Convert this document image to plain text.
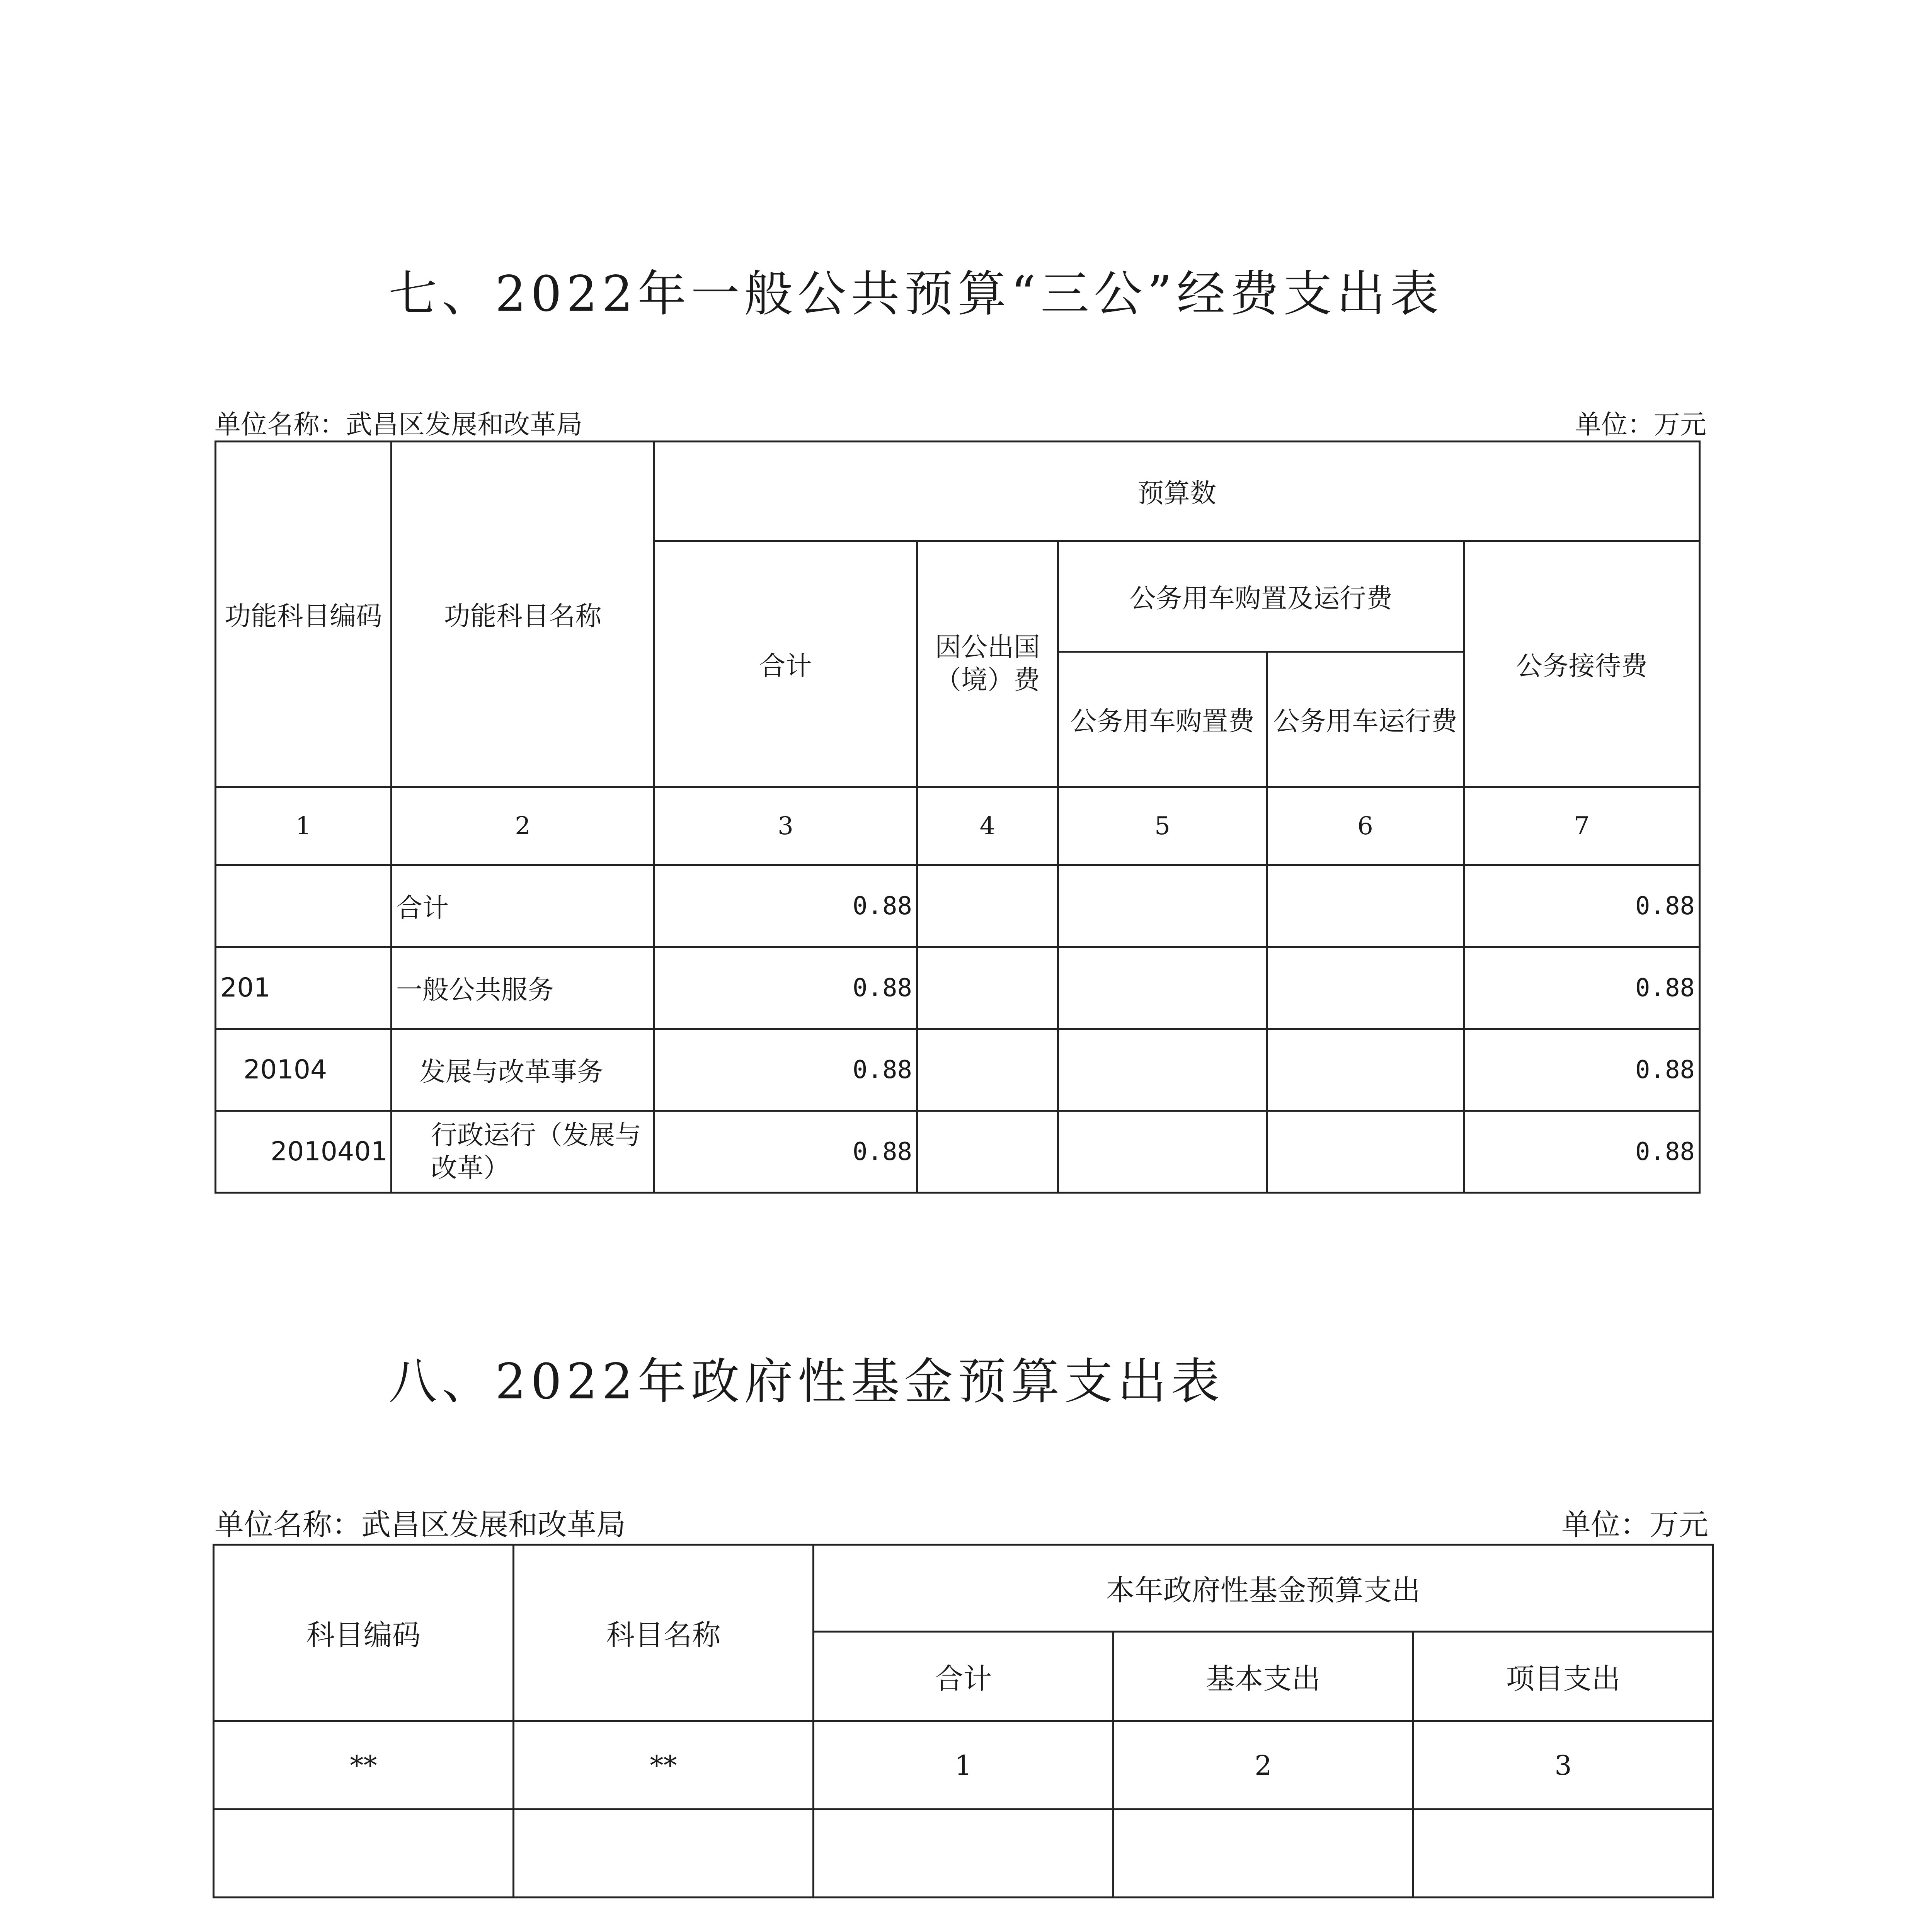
七、2022年一般公共预算“三公”经费支出表
单位名称：武昌区发展和改革局	单位：万元
功能科目编码	功能科目名称	预算数				
		合计	因公出国（境）费	公务用车购置及运行费		公务接待费
				公务用车购置费	公务用车运行费	
1	2	3	4	5	6	7
	合计	0.88				0.88
201	一般公共服务	0.88				0.88
20104	发展与改革事务	0.88				0.88
2010401	行政运行（发展与改革）	0.88				0.88
八、2022年政府性基金预算支出表
单位名称：武昌区发展和改革局	单位：万元
科目编码	科目名称	本年政府性基金预算支出		
		合计	基本支出	项目支出
**	**	1	2	3
